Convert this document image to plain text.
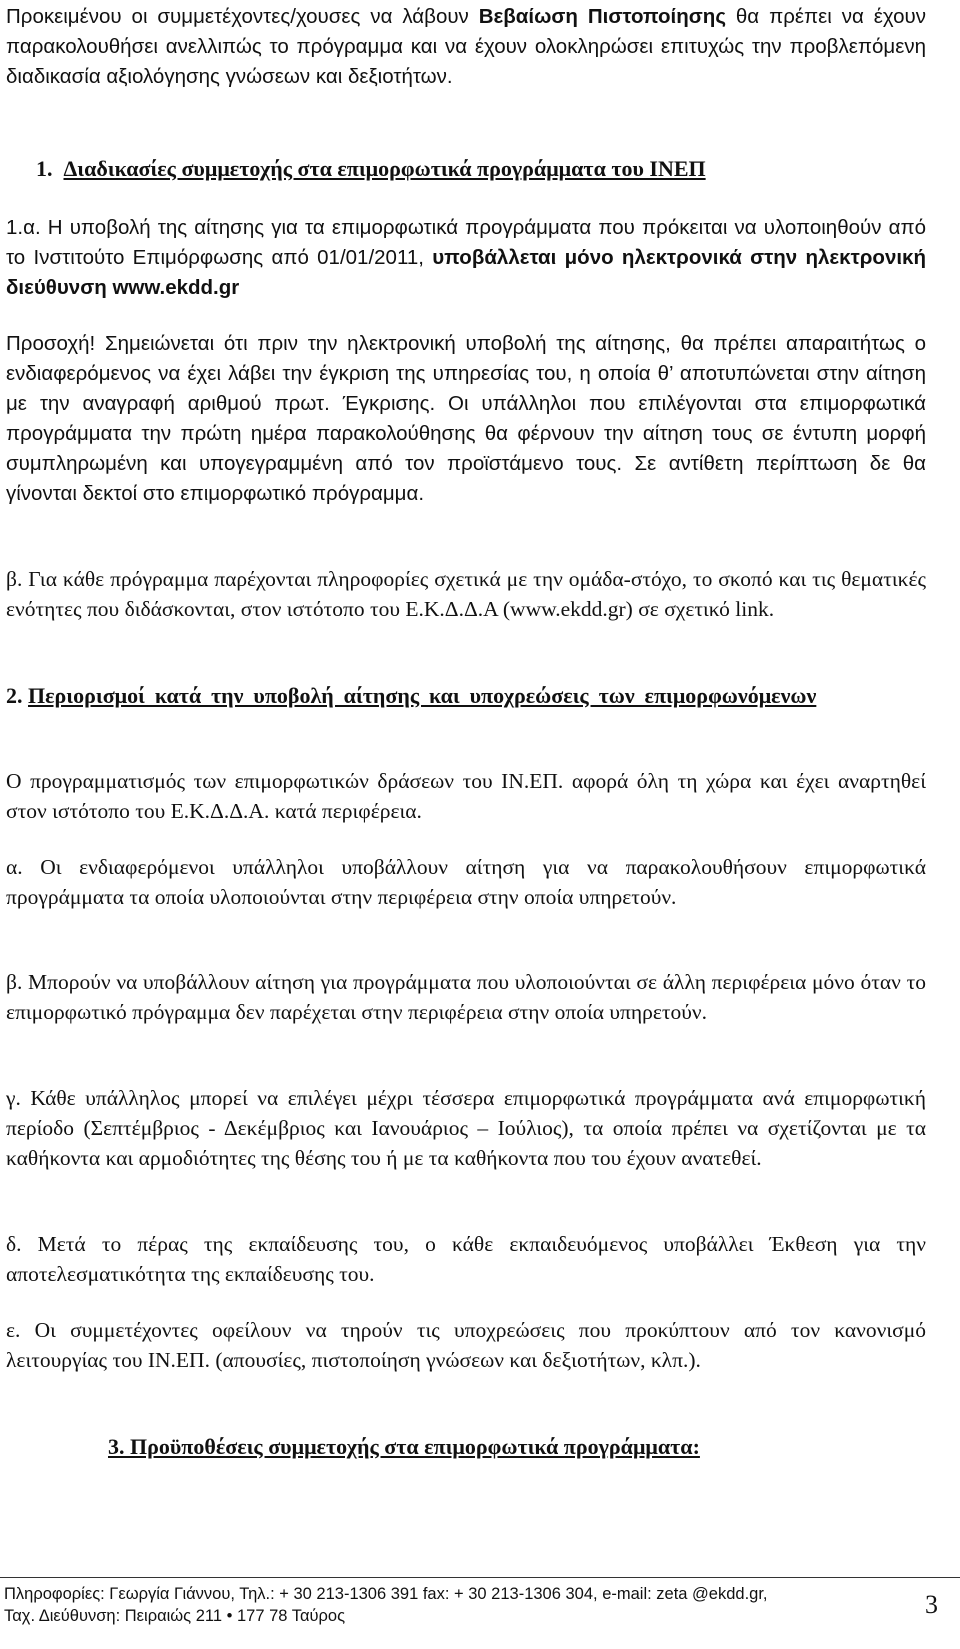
Προκειμένου οι συμμετέχοντες/χουσες να λάβουν Βεβαίωση Πιστοποίησης θα πρέπει να έχουν παρακολουθήσει ανελλιπώς το πρόγραμμα και να έχουν ολοκληρώσει επιτυχώς την προβλεπόμενη διαδικασία αξιολόγησης γνώσεων και δεξιοτήτων.

1. Διαδικασίες συμμετοχής στα επιμορφωτικά προγράμματα του ΙΝΕΠ

1.α. Η υποβολή της αίτησης για τα επιμορφωτικά προγράμματα που πρόκειται να υλοποιηθούν από το Ινστιτούτο Επιμόρφωσης από 01/01/2011, υποβάλλεται μόνο ηλεκτρονικά στην ηλεκτρονική διεύθυνση www.ekdd.gr

Προσοχή! Σημειώνεται ότι πριν την ηλεκτρονική υποβολή της αίτησης, θα πρέπει απαραιτήτως ο ενδιαφερόμενος να έχει λάβει την έγκριση της υπηρεσίας του, η οποία θ’ αποτυπώνεται στην αίτηση με την αναγραφή αριθμού πρωτ. Έγκρισης. Οι υπάλληλοι που επιλέγονται στα επιμορφωτικά προγράμματα την πρώτη ημέρα παρακολούθησης θα φέρνουν την αίτηση τους σε έντυπη μορφή συμπληρωμένη και υπογεγραμμένη από τον προϊστάμενο τους. Σε αντίθετη περίπτωση δε θα γίνονται δεκτοί στο επιμορφωτικό πρόγραμμα.

β. Για κάθε πρόγραμμα παρέχονται πληροφορίες σχετικά με την ομάδα-στόχο, το σκοπό και τις θεματικές ενότητες που διδάσκονται, στον ιστότοπο του Ε.Κ.Δ.Δ.Α (www.ekdd.gr) σε σχετικό link.

2. Περιορισμοί κατά την υποβολή αίτησης και υποχρεώσεις των επιμορφωνόμενων

Ο προγραμματισμός των επιμορφωτικών δράσεων του ΙΝ.ΕΠ. αφορά όλη τη χώρα και έχει αναρτηθεί στον ιστότοπο του Ε.Κ.Δ.Δ.Α. κατά περιφέρεια.

α. Οι ενδιαφερόμενοι υπάλληλοι υποβάλλουν αίτηση για να παρακολουθήσουν επιμορφωτικά προγράμματα τα οποία υλοποιούνται στην περιφέρεια στην οποία υπηρετούν.

β. Μπορούν να υποβάλλουν αίτηση για προγράμματα που υλοποιούνται σε άλλη περιφέρεια μόνο όταν το επιμορφωτικό πρόγραμμα δεν παρέχεται στην περιφέρεια στην οποία υπηρετούν.

γ. Κάθε υπάλληλος μπορεί να επιλέγει μέχρι τέσσερα επιμορφωτικά προγράμματα ανά επιμορφωτική περίοδο (Σεπτέμβριος - Δεκέμβριος και Ιανουάριος – Ιούλιος), τα οποία πρέπει να σχετίζονται με τα καθήκοντα και αρμοδιότητες της θέσης του ή με τα καθήκοντα που του έχουν ανατεθεί.

δ. Μετά το πέρας της εκπαίδευσης του, ο κάθε εκπαιδευόμενος υποβάλλει Έκθεση για την αποτελεσματικότητα της εκπαίδευσης του.

ε. Οι συμμετέχοντες οφείλουν να τηρούν τις υποχρεώσεις που προκύπτουν από τον κανονισμό λειτουργίας του ΙΝ.ΕΠ. (απουσίες, πιστοποίηση γνώσεων και δεξιοτήτων, κλπ.).

3. Προϋποθέσεις συμμετοχής στα επιμορφωτικά προγράμματα:
Πληροφορίες: Γεωργία Γιάννου, Τηλ.: + 30 213-1306 391 fax: + 30 213-1306 304, e-mail: zeta @ekdd.gr,
Ταχ. Διεύθυνση: Πειραιώς 211 • 177 78 Ταύρος	3
